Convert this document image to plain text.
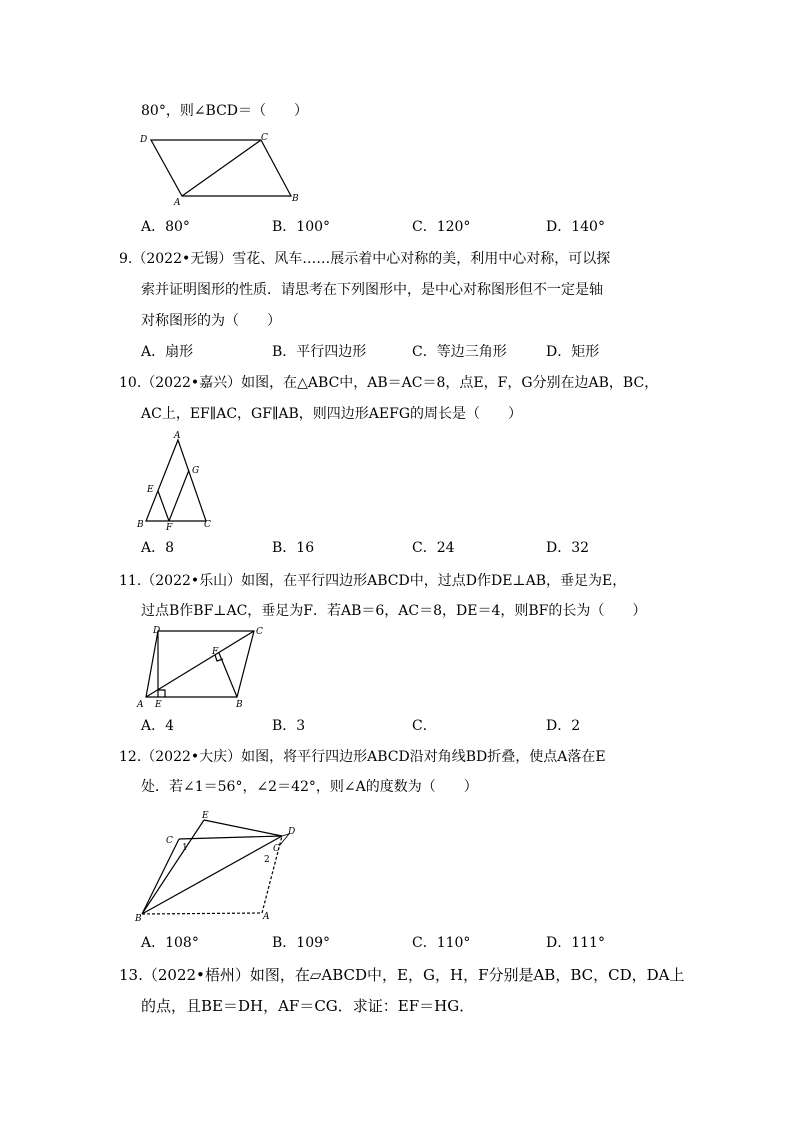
80°，则∠BCD＝（　　）
D	C
A	B
A．80°	B．100°	C．120°	D．140°
9.（2022•无锡）雪花、风车……展示着中心对称的美，利用中心对称，可以探
索并证明图形的性质．请思考在下列图形中，是中心对称图形但不一定是轴
对称图形的为（　　）
A．扇形	B．平行四边形	C．等边三角形	D．矩形
10.（2022•嘉兴）如图，在△ABC中，AB＝AC＝8，点E，F，G分别在边AB，BC，
AC上，EF∥AC，GF∥AB，则四边形AEFG的周长是（　　）
A
E
G
B F	C
A．8	B．16	C．24	D．32
11.（2022•乐山）如图，在平行四边形ABCD中，过点D作DE⊥AB，垂足为E，
过点B作BF⊥AC，垂足为F．若AB＝6，AC＝8，DE＝4，则BF的长为（　　）
D	C
F
A E	B
A．4	B．3	C．	D．2
12.（2022•大庆）如图，将平行四边形ABCD沿对角线BD折叠，使点A落在E
处．若∠1＝56°，∠2＝42°，则∠A的度数为（　　）
C
E
D
C
1
2
B	A
A．108°	B．109°	C．110°	D．111°
13.（2022•梧州）如图，在▱ABCD中，E，G，H，F分别是AB，BC，CD，DA上
的点，且BE＝DH，AF＝CG．求证：EF＝HG．
